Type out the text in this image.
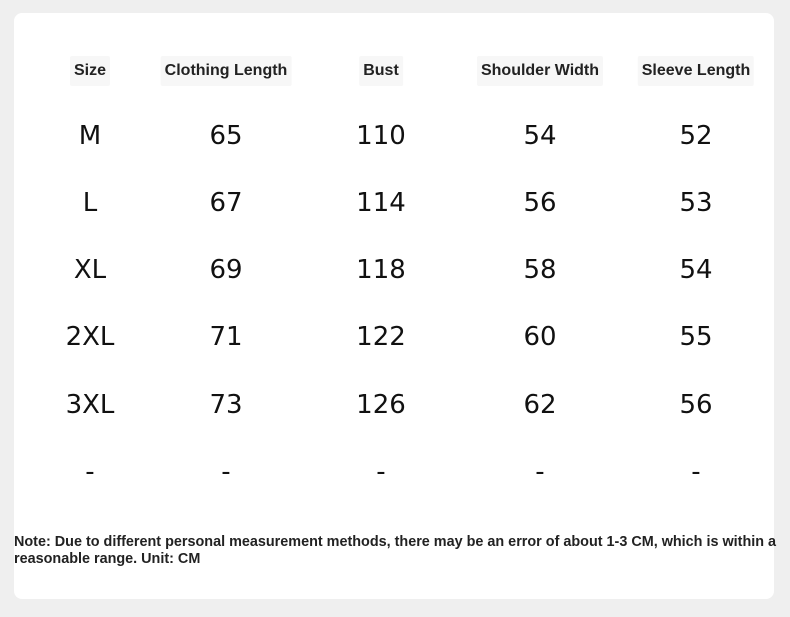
Size	Clothing Length	Bust	Shoulder Width	Sleeve Length
M	65	110	54	52
L	67	114	56	53
XL	69	118	58	54
2XL	71	122	60	55
3XL	73	126	62	56
-	-	-	-	-
Note: Due to different personal measurement methods, there may be an error of about 1-3 CM, which is within a reasonable range. Unit: CM
